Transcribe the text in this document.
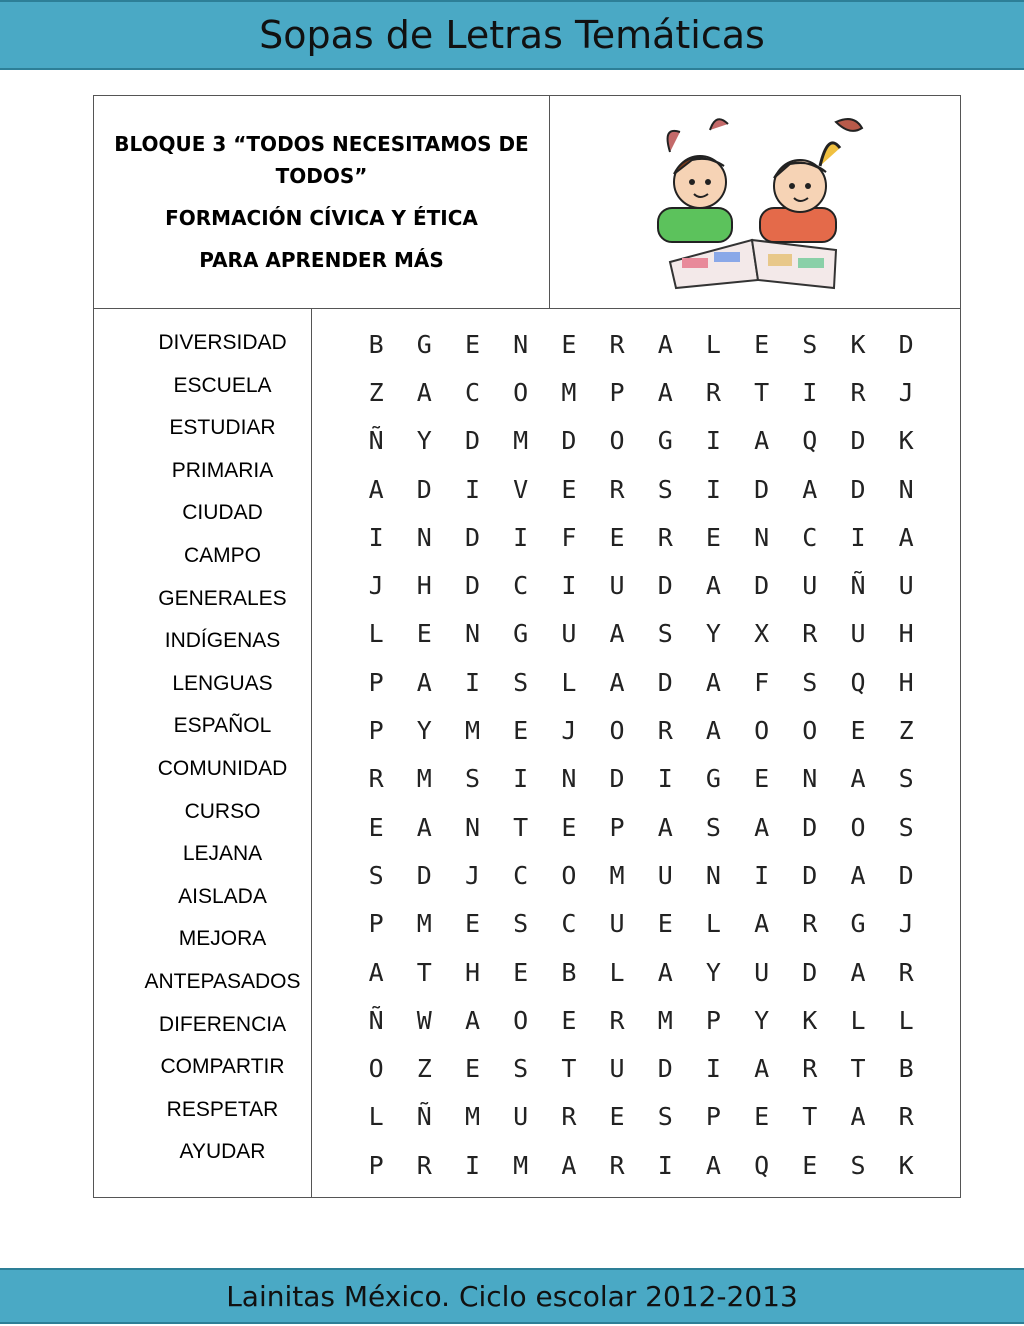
Sopas de Letras Temáticas
BLOQUE 3 “TODOS NECESITAMOS DE TODOS”
FORMACIÓN CÍVICA Y ÉTICA
PARA APRENDER MÁS
DIVERSIDAD
ESCUELA
ESTUDIAR
PRIMARIA
CIUDAD
CAMPO
GENERALES
INDÍGENAS
LENGUAS
ESPAÑOL
COMUNIDAD
CURSO
LEJANA
AISLADA
MEJORA
ANTEPASADOS
DIFERENCIA
COMPARTIR
RESPETAR
AYUDAR
B	G	E	N	E	R	A	L	E	S	K	D
Z	A	C	O	M	P	A	R	T	I	R	J
Ñ	Y	D	M	D	O	G	I	A	Q	D	K
A	D	I	V	E	R	S	I	D	A	D	N
I	N	D	I	F	E	R	E	N	C	I	A
J	H	D	C	I	U	D	A	D	U	Ñ	U
L	E	N	G	U	A	S	Y	X	R	U	H
P	A	I	S	L	A	D	A	F	S	Q	H
P	Y	M	E	J	O	R	A	O	O	E	Z
R	M	S	I	N	D	I	G	E	N	A	S
E	A	N	T	E	P	A	S	A	D	O	S
S	D	J	C	O	M	U	N	I	D	A	D
P	M	E	S	C	U	E	L	A	R	G	J
A	T	H	E	B	L	A	Y	U	D	A	R
Ñ	W	A	O	E	R	M	P	Y	K	L	L
O	Z	E	S	T	U	D	I	A	R	T	B
L	Ñ	M	U	R	E	S	P	E	T	A	R
P	R	I	M	A	R	I	A	Q	E	S	K
Lainitas México. Ciclo escolar 2012-2013
